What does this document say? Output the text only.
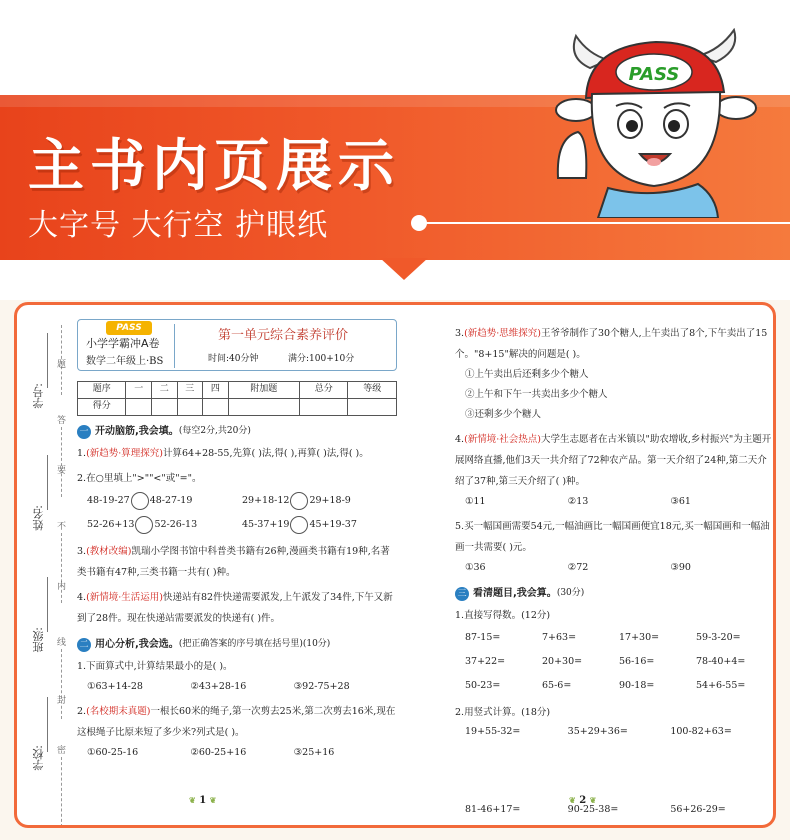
主书内页展示
大字号 大行空 护眼纸
PASS
学号:
姓名:
班级:
学校:
题
答
要
不
内
线
封
密
PASS
小学学霸冲A卷
数学二年级上·BS
第一单元综合素养评价
时间:40分钟	满分:100+10分
题序	一	二	三	四	附加题	总分	等级
得分							
一 开动脑筋,我会填。 (每空2分,共20分)
1.(新趋势·算理探究)计算64+28-55,先算( )法,得( ),再算( )法,得( )。
2.在○里填上">""<"或"="。
48-19-27 48-27-19	29+18-12 29+18-9
52-26+13 52-26-13	45-37+19 45+19-37
3.(教材改编)凯瑞小学图书馆中科普类书籍有26种,漫画类书籍有19种,名著类书籍有47种,三类书籍一共有( )种。
4.(新情境·生活运用)快递站有82件快递需要派发,上午派发了34件,下午又新到了28件。现在快递站需要派发的快递有( )件。
二 用心分析,我会选。 (把正确答案的序号填在括号里)(10分)
1.下面算式中,计算结果最小的是( )。
①63+14-28	②43+28-16	③92-75+28
2.(名校期末真题)一根长60米的绳子,第一次剪去25米,第二次剪去16米,现在这根绳子比原来短了多少米?列式是( )。
①60-25-16	②60-25+16	③25+16
❦ 1 ❦
3.(新趋势·思维探究)王爷爷制作了30个糖人,上午卖出了8个,下午卖出了15个。"8+15"解决的问题是( )。
①上午卖出后还剩多少个糖人
②上午和下午一共卖出多少个糖人
③还剩多少个糖人
4.(新情境·社会热点)大学生志愿者在古米镇以"助农增收,乡村振兴"为主题开展网络直播,他们3天一共介绍了72种农产品。第一天介绍了24种,第二天介绍了37种,第三天介绍了( )种。
①11	②13	③61
5.买一幅国画需要54元,一幅油画比一幅国画便宜18元,买一幅国画和一幅油画一共需要( )元。
①36	②72	③90
三 看清题目,我会算。 (30分)
1.直接写得数。(12分)
87-15=	7+63=	17+30=	59-3-20=
37+22=	20+30=	56-16=	78-40+4=
50-23=	65-6=	90-18=	54+6-55=
2.用竖式计算。(18分)
19+55-32=	35+29+36=	100-82+63=
81-46+17=	90-25-38=	56+26-29=
❦ 2 ❦
